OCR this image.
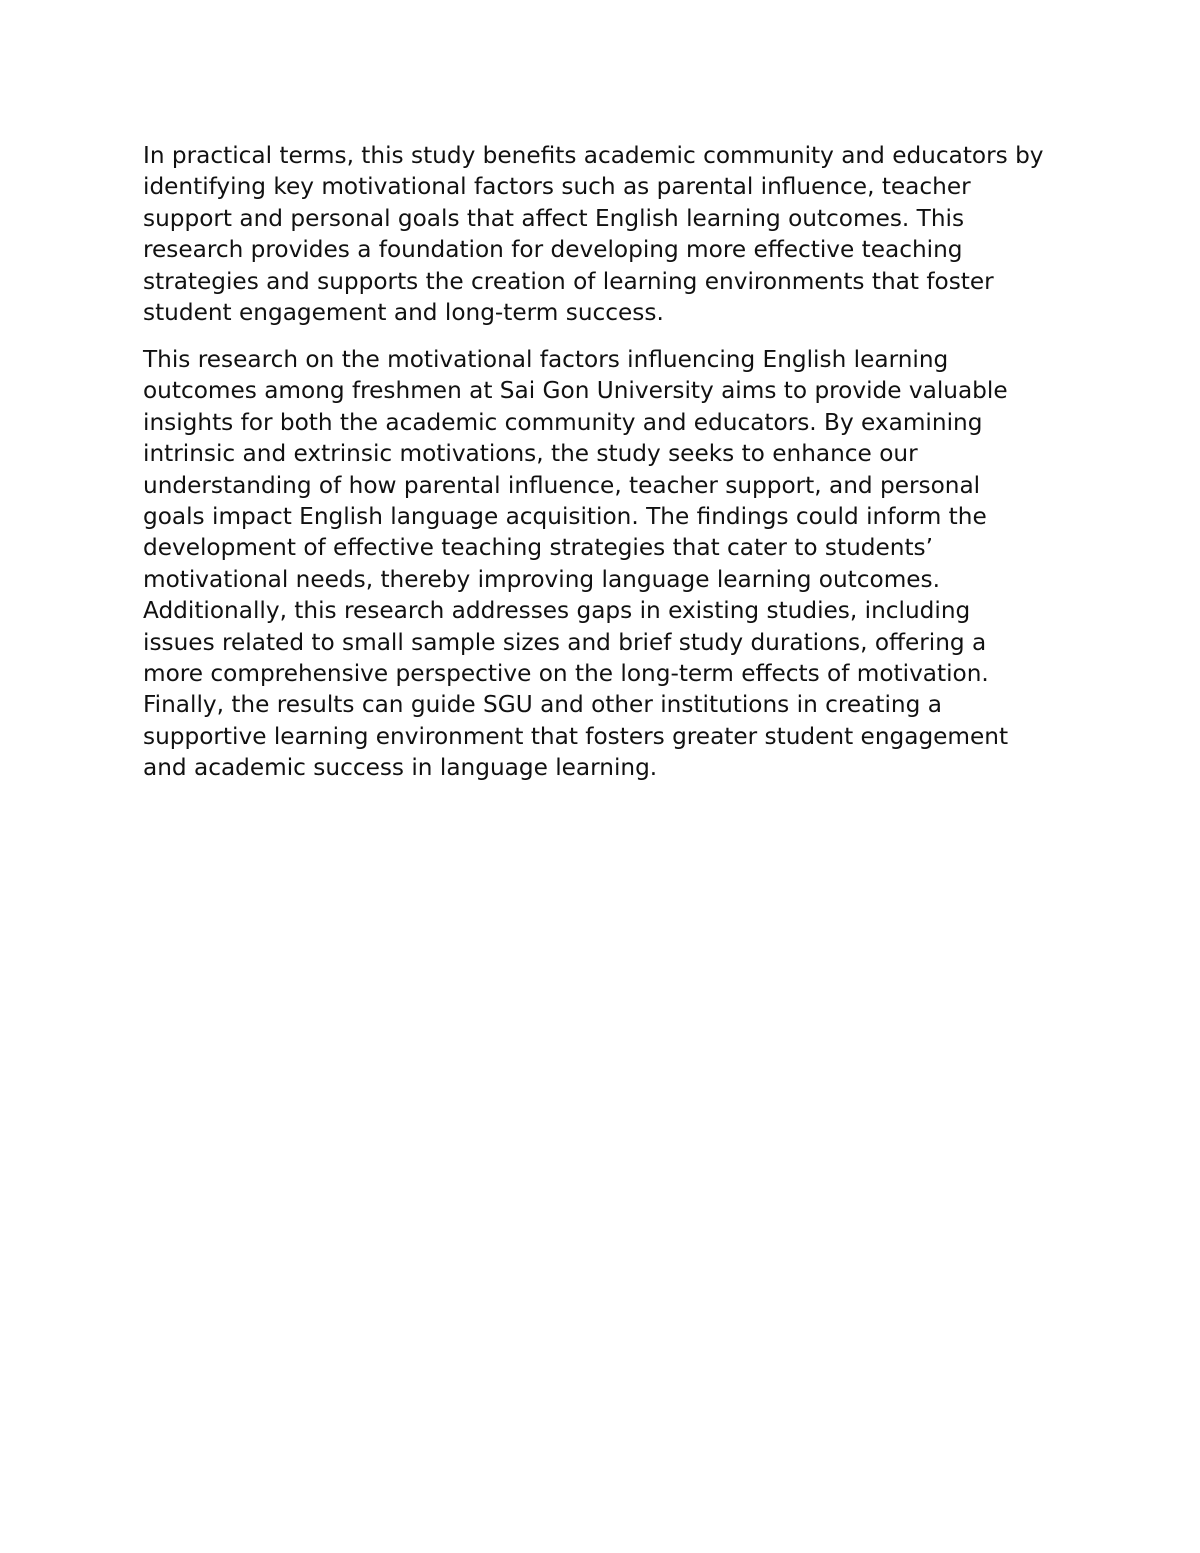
In practical terms, this study benefits academic community and educators by
identifying key motivational factors such as parental influence, teacher
support and personal goals that affect English learning outcomes. This
research provides a foundation for developing more effective teaching
strategies and supports the creation of learning environments that foster
student engagement and long-term success.
This research on the motivational factors influencing English learning
outcomes among freshmen at Sai Gon University aims to provide valuable
insights for both the academic community and educators. By examining
intrinsic and extrinsic motivations, the study seeks to enhance our
understanding of how parental influence, teacher support, and personal
goals impact English language acquisition. The findings could inform the
development of effective teaching strategies that cater to students’
motivational needs, thereby improving language learning outcomes.
Additionally, this research addresses gaps in existing studies, including
issues related to small sample sizes and brief study durations, offering a
more comprehensive perspective on the long-term effects of motivation.
Finally, the results can guide SGU and other institutions in creating a
supportive learning environment that fosters greater student engagement
and academic success in language learning.
